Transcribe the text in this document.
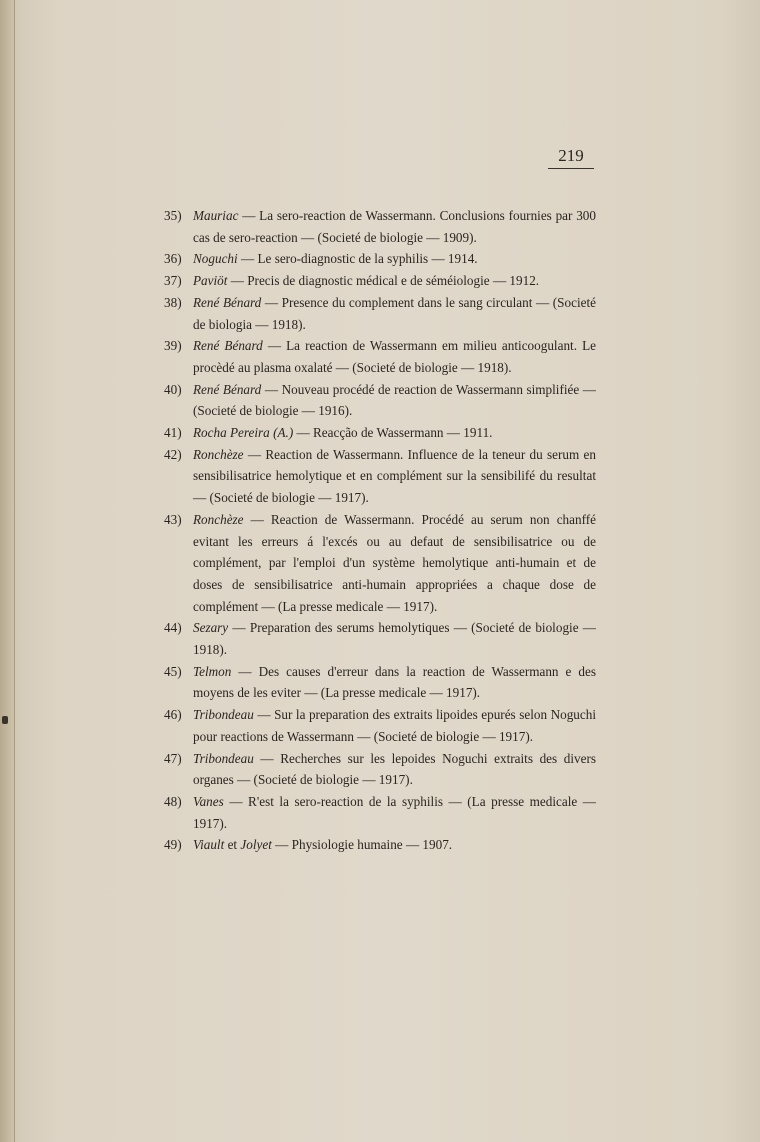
219
35) Mauriac — La sero-reaction de Wassermann. Conclusions fournies par 300 cas de sero-reaction — (Societé de biologie — 1909).
36) Noguchi — Le sero-diagnostic de la syphilis — 1914.
37) Paviöt — Precis de diagnostic médical e de séméiologie — 1912.
38) René Bénard — Presence du complement dans le sang circulant — (Societé de biologia — 1918).
39) René Bénard — La reaction de Wassermann em milieu anticoogulant. Le procèdé au plasma oxalaté — (Societé de biologie — 1918).
40) René Bénard — Nouveau procédé de reaction de Wassermann simplifiée — (Societé de biologie — 1916).
41) Rocha Pereira (A.) — Reacção de Wassermann — 1911.
42) Ronchèze — Reaction de Wassermann. Influence de la teneur du serum en sensibilisatrice hemolytique et en complément sur la sensibilifé du resultat — (Societé de biologie — 1917).
43) Ronchèze — Reaction de Wassermann. Procédé au serum non chanffé evitant les erreurs á l'excés ou au defaut de sensibilisatrice ou de complément, par l'emploi d'un système hemolytique anti-humain et de doses de sensibilisatrice anti-humain appropriées a chaque dose de complément — (La presse medicale — 1917).
44) Sezary — Preparation des serums hemolytiques — (Societé de biologie — 1918).
45) Telmon — Des causes d'erreur dans la reaction de Wassermann e des moyens de les eviter — (La presse medicale — 1917).
46) Tribondeau — Sur la preparation des extraits lipoides epurés selon Noguchi pour reactions de Wassermann — (Societé de biologie — 1917).
47) Tribondeau — Recherches sur les lepoides Noguchi extraits des divers organes — (Societé de biologie — 1917).
48) Vanes — R'est la sero-reaction de la syphilis — (La presse medicale — 1917).
49) Viault et Jolyet — Physiologie humaine — 1907.
